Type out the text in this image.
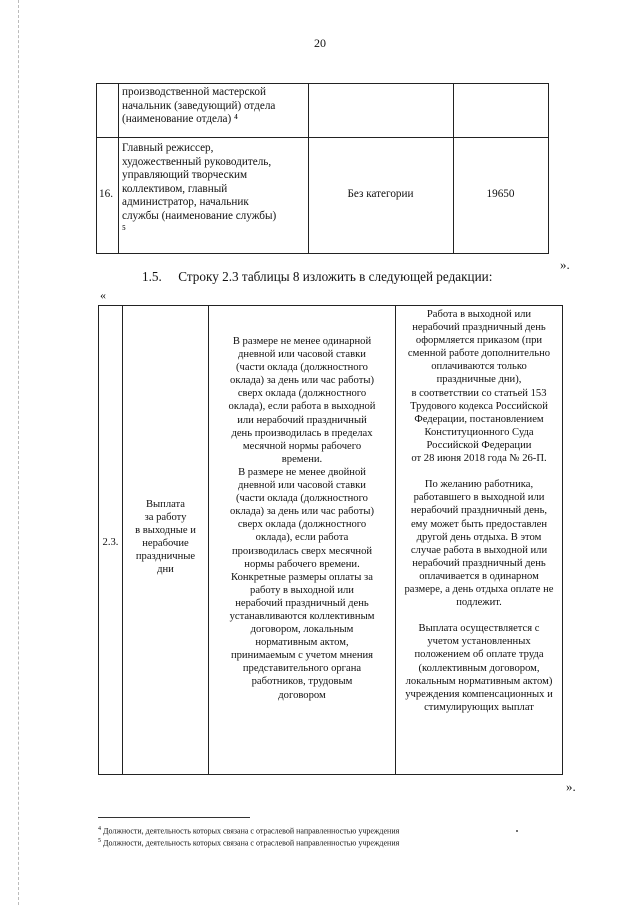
20
производственной мастерской
начальник (заведующий) отдела
(наименование отдела) ⁴
16.
Главный режиссер,
художественный руководитель,
управляющий творческим
коллективом, главный
администратор, начальник
службы (наименование службы)
⁵
Без категории	19650
».
1.5. Строку 2.3 таблицы 8 изложить в следующей редакции:
«
2.3.
Выплата
за работу
в выходные и
нерабочие
праздничные
дни
В размере не менее одинарной
дневной или часовой ставки
(части оклада (должностного
оклада) за день или час работы)
сверх оклада (должностного
оклада), если работа в выходной
или нерабочий праздничный
день производилась в пределах
месячной нормы рабочего
времени.
В размере не менее двойной
дневной или часовой ставки
(части оклада (должностного
оклада) за день или час работы)
сверх оклада (должностного
оклада), если работа
производилась сверх месячной
нормы рабочего времени.
Конкретные размеры оплаты за
работу в выходной или
нерабочий праздничный день
устанавливаются коллективным
договором, локальным
нормативным актом,
принимаемым с учетом мнения
представительного органа
работников, трудовым
договором
Работа в выходной или
нерабочий праздничный день
оформляется приказом (при
сменной работе дополнительно
оплачиваются только
праздничные дни),
в соответствии со статьей 153
Трудового кодекса Российской
Федерации, постановлением
Конституционного Суда
Российской Федерации
от 28 июня 2018 года № 26-П.

По желанию работника,
работавшего в выходной или
нерабочий праздничный день,
ему может быть предоставлен
другой день отдыха. В этом
случае работа в выходной или
нерабочий праздничный день
оплачивается в одинарном
размере, а день отдыха оплате не
подлежит.

Выплата осуществляется с
учетом установленных
положением об оплате труда
(коллективным договором,
локальным нормативным актом)
учреждения компенсационных и
стимулирующих выплат
».
$^4$ Должности, деятельность которых связана с отраслевой направленностью учреждения
$^5$ Должности, деятельность которых связана с отраслевой направленностью учреждения
